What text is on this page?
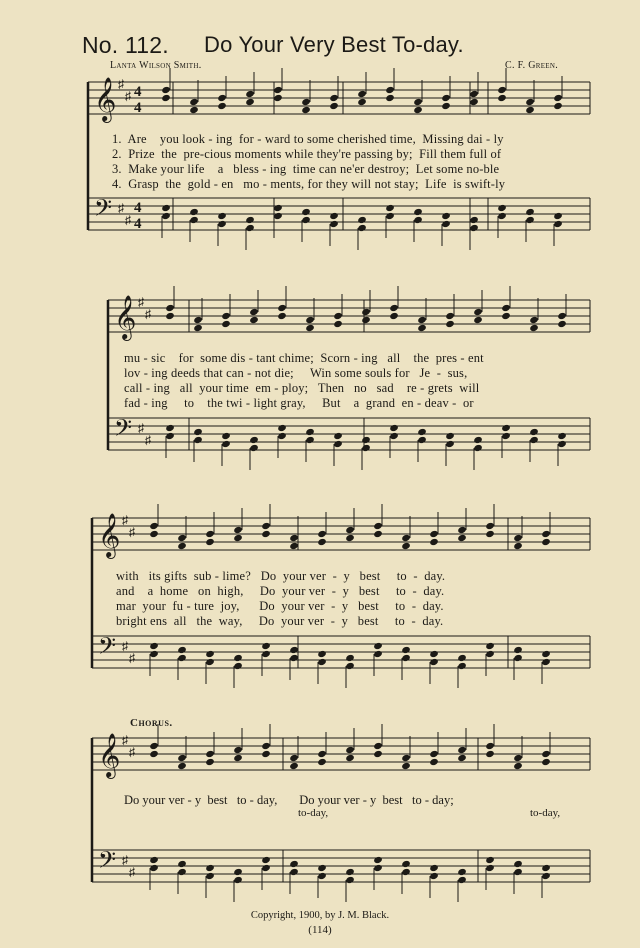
No. 112. Do Your Very Best To-day.
Lanta Wilson Smith.	C. F. Green.
𝄞
𝄢
♯
♯
♯
♯
4
4
4
4
𝄞
𝄢
♯
♯
♯
♯
𝄞
𝄢
♯
♯
♯
♯
𝄞
𝄢
♯
♯
♯
♯
1.  Are    you look - ing  for - ward to some cherished time,  Missing dai - ly
2.  Prize  the  pre-cious moments while they're passing by;  Fill them full of
3.  Make your life    a   bless - ing  time can ne'er destroy;  Let some no-ble
4.  Grasp  the  gold - en   mo - ments, for they will not stay;  Life  is swift-ly
mu - sic    for  some dis - tant chime;  Scorn - ing   all    the  pres - ent
lov - ing deeds that can - not die;     Win some souls for   Je  -  sus,
call - ing   all  your time  em - ploy;   Then   no   sad    re - grets  will
fad - ing     to    the twi - light gray,     But    a  grand  en - deav -  or
with   its gifts  sub - lime?   Do  your ver  -  y   best     to  -  day.
and    a  home   on  high,     Do  your ver  -  y   best     to  -  day.
mar  your  fu - ture  joy,      Do  your ver  -  y   best     to  -  day.
bright ens  all   the  way,     Do  your ver  -  y   best     to  -  day.
Chorus.
Do your ver - y  best   to - day,       Do your ver - y  best   to - day;
to-day,	to-day,
Copyright, 1900, by J. M. Black.
(114)
